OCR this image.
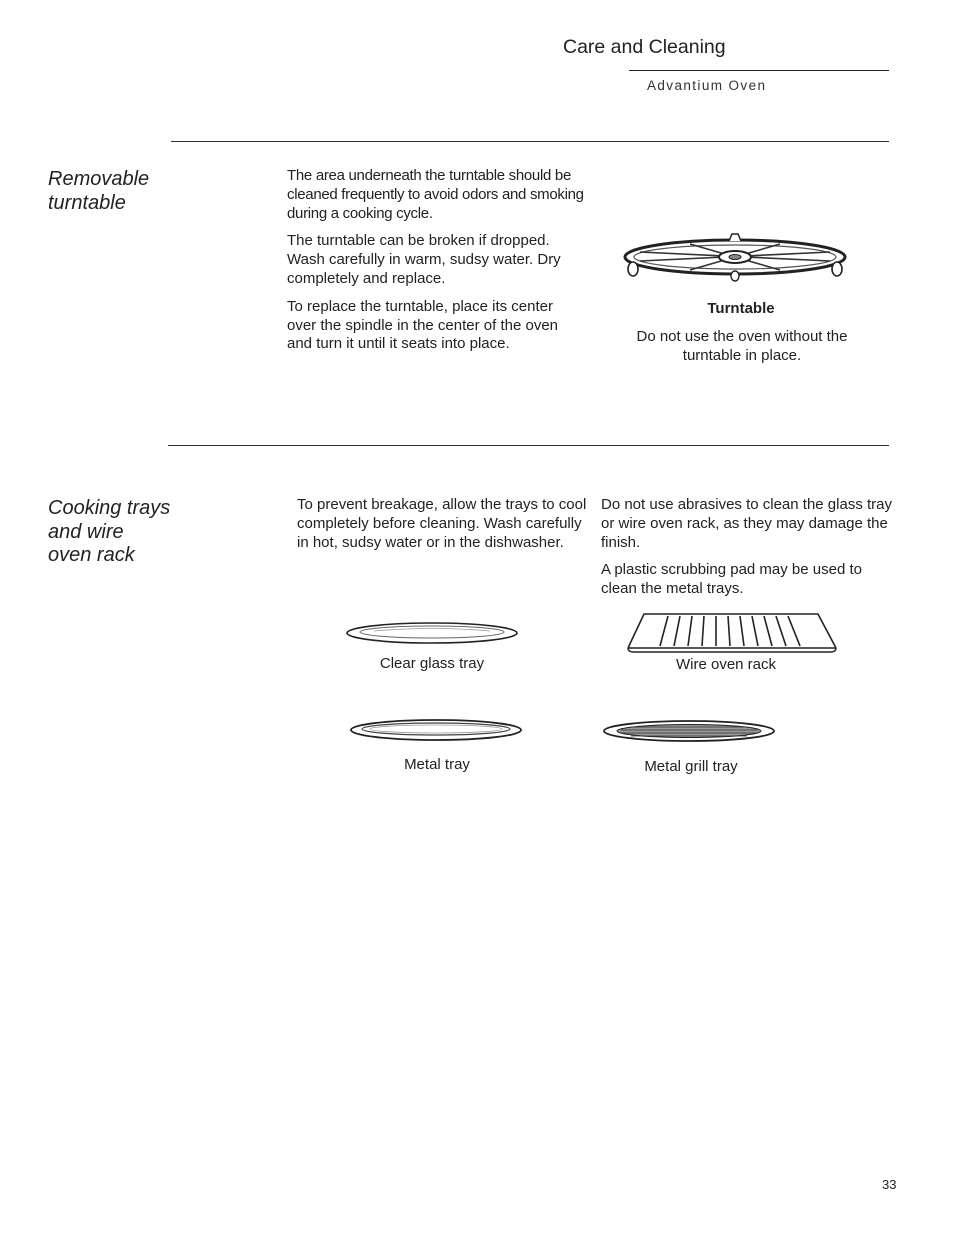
Care and Cleaning
Advantium Oven
Removable
turntable

The area underneath the turntable should be cleaned frequently to avoid odors and smoking during a cooking cycle.

The turntable can be broken if dropped. Wash carefully in warm, sudsy water. Dry completely and replace.

To replace the turntable, place its center over the spindle in the center of the oven and turn it until it seats into place.

Turntable
Do not use the oven without the turntable in place.
Cooking trays
and wire
oven rack

To prevent breakage, allow the trays to cool completely before cleaning. Wash carefully in hot, sudsy water or in the dishwasher.

Do not use abrasives to clean the glass tray or wire oven rack, as they may damage the finish.

A plastic scrubbing pad may be used to clean the metal trays.

Clear glass tray	Wire oven rack
Metal tray	Metal grill tray
33
